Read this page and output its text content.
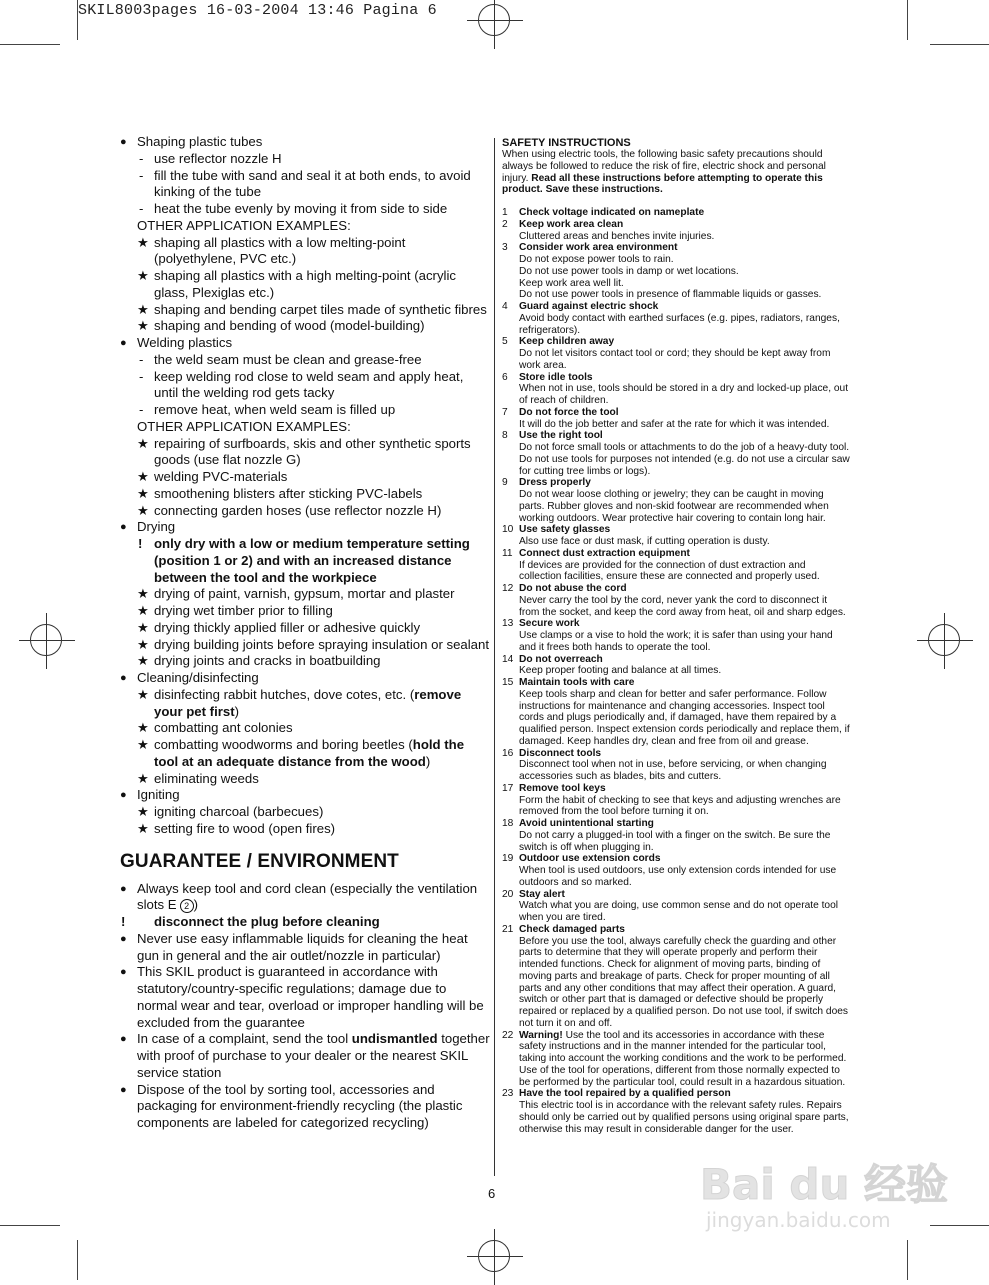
SKIL8003pages 16-03-2004 13:46 Pagina 6
● Shaping plastic tubes
- use reflector nozzle H
- fill the tube with sand and seal it at both ends, to avoid kinking of the tube
- heat the tube evenly by moving it from side to side
OTHER APPLICATION EXAMPLES:
★ shaping all plastics with a low melting-point (polyethylene, PVC etc.)
★ shaping all plastics with a high melting-point (acrylic glass, Plexiglas etc.)
★ shaping and bending carpet tiles made of synthetic fibres
★ shaping and bending of wood (model-building)
● Welding plastics
- the weld seam must be clean and grease-free
- keep welding rod close to weld seam and apply heat, until the welding rod gets tacky
- remove heat, when weld seam is filled up
OTHER APPLICATION EXAMPLES:
★ repairing of surfboards, skis and other synthetic sports goods (use flat nozzle G)
★ welding PVC-materials
★ smoothening blisters after sticking PVC-labels
★ connecting garden hoses (use reflector nozzle H)
● Drying
! only dry with a low or medium temperature setting (position 1 or 2) and with an increased distance between the tool and the workpiece
★ drying of paint, varnish, gypsum, mortar and plaster
★ drying wet timber prior to filling
★ drying thickly applied filler or adhesive quickly
★ drying building joints before spraying insulation or sealant
★ drying joints and cracks in boatbuilding
● Cleaning/disinfecting
★ disinfecting rabbit hutches, dove cotes, etc. (remove your pet first)
★ combatting ant colonies
★ combatting woodworms and boring beetles (hold the tool at an adequate distance from the wood)
★ eliminating weeds
● Igniting
★ igniting charcoal (barbecues)
★ setting fire to wood (open fires)
GUARANTEE / ENVIRONMENT
● Always keep tool and cord clean (especially the ventilation slots E 2 )
! disconnect the plug before cleaning
● Never use easy inflammable liquids for cleaning the heat gun in general and the air outlet/nozzle in particular)
● This SKIL product is guaranteed in accordance with statutory/country-specific regulations; damage due to normal wear and tear, overload or improper handling will be excluded from the guarantee
● In case of a complaint, send the tool undismantled together with proof of purchase to your dealer or the nearest SKIL service station
● Dispose of the tool by sorting tool, accessories and packaging for environment-friendly recycling (the plastic components are labeled for categorized recycling)
SAFETY INSTRUCTIONS
When using electric tools, the following basic safety precautions should always be followed to reduce the risk of fire, electric shock and personal injury. Read all these instructions before attempting to operate this product. Save these instructions.
1 Check voltage indicated on nameplate
2 Keep work area clean
Cluttered areas and benches invite injuries.
3 Consider work area environment
Do not expose power tools to rain.
Do not use power tools in damp or wet locations.
Keep work area well lit.
Do not use power tools in presence of flammable liquids or gasses.
4 Guard against electric shock
Avoid body contact with earthed surfaces (e.g. pipes, radiators, ranges, refrigerators).
5 Keep children away
Do not let visitors contact tool or cord; they should be kept away from work area.
6 Store idle tools
When not in use, tools should be stored in a dry and locked-up place, out of reach of children.
7 Do not force the tool
It will do the job better and safer at the rate for which it was intended.
8 Use the right tool
Do not force small tools or attachments to do the job of a heavy-duty tool.
Do not use tools for purposes not intended (e.g. do not use a circular saw for cutting tree limbs or logs).
9 Dress properly
Do not wear loose clothing or jewelry; they can be caught in moving parts. Rubber gloves and non-skid footwear are recommended when working outdoors. Wear protective hair covering to contain long hair.
10 Use safety glasses
Also use face or dust mask, if cutting operation is dusty.
11 Connect dust extraction equipment
If devices are provided for the connection of dust extraction and collection facilities, ensure these are connected and properly used.
12 Do not abuse the cord
Never carry the tool by the cord, never yank the cord to disconnect it from the socket, and keep the cord away from heat, oil and sharp edges.
13 Secure work
Use clamps or a vise to hold the work; it is safer than using your hand and it frees both hands to operate the tool.
14 Do not overreach
Keep proper footing and balance at all times.
15 Maintain tools with care
Keep tools sharp and clean for better and safer performance. Follow instructions for maintenance and changing accessories. Inspect tool cords and plugs periodically and, if damaged, have them repaired by a qualified person. Inspect extension cords periodically and replace them, if damaged. Keep handles dry, clean and free from oil and grease.
16 Disconnect tools
Disconnect tool when not in use, before servicing, or when changing accessories such as blades, bits and cutters.
17 Remove tool keys
Form the habit of checking to see that keys and adjusting wrenches are removed from the tool before turning it on.
18 Avoid unintentional starting
Do not carry a plugged-in tool with a finger on the switch. Be sure the switch is off when plugging in.
19 Outdoor use extension cords
When tool is used outdoors, use only extension cords intended for use outdoors and so marked.
20 Stay alert
Watch what you are doing, use common sense and do not operate tool when you are tired.
21 Check damaged parts
Before you use the tool, always carefully check the guarding and other parts to determine that they will operate properly and perform their intended functions. Check for alignment of moving parts, binding of moving parts and breakage of parts. Check for proper mounting of all parts and any other conditions that may affect their operation. A guard, switch or other part that is damaged or defective should be properly repaired or replaced by a qualified person. Do not use tool, if switch does not turn it on and off.
22 Warning! Use the tool and its accessories in accordance with these safety instructions and in the manner intended for the particular tool, taking into account the working conditions and the work to be performed. Use of the tool for operations, different from those normally expected to be performed by the particular tool, could result in a hazardous situation.
23 Have the tool repaired by a qualified person
This electric tool is in accordance with the relevant safety rules. Repairs should only be carried out by qualified persons using original spare parts, otherwise this may result in considerable danger for the user.
6	Bai du 经验
jingyan.baidu.com
